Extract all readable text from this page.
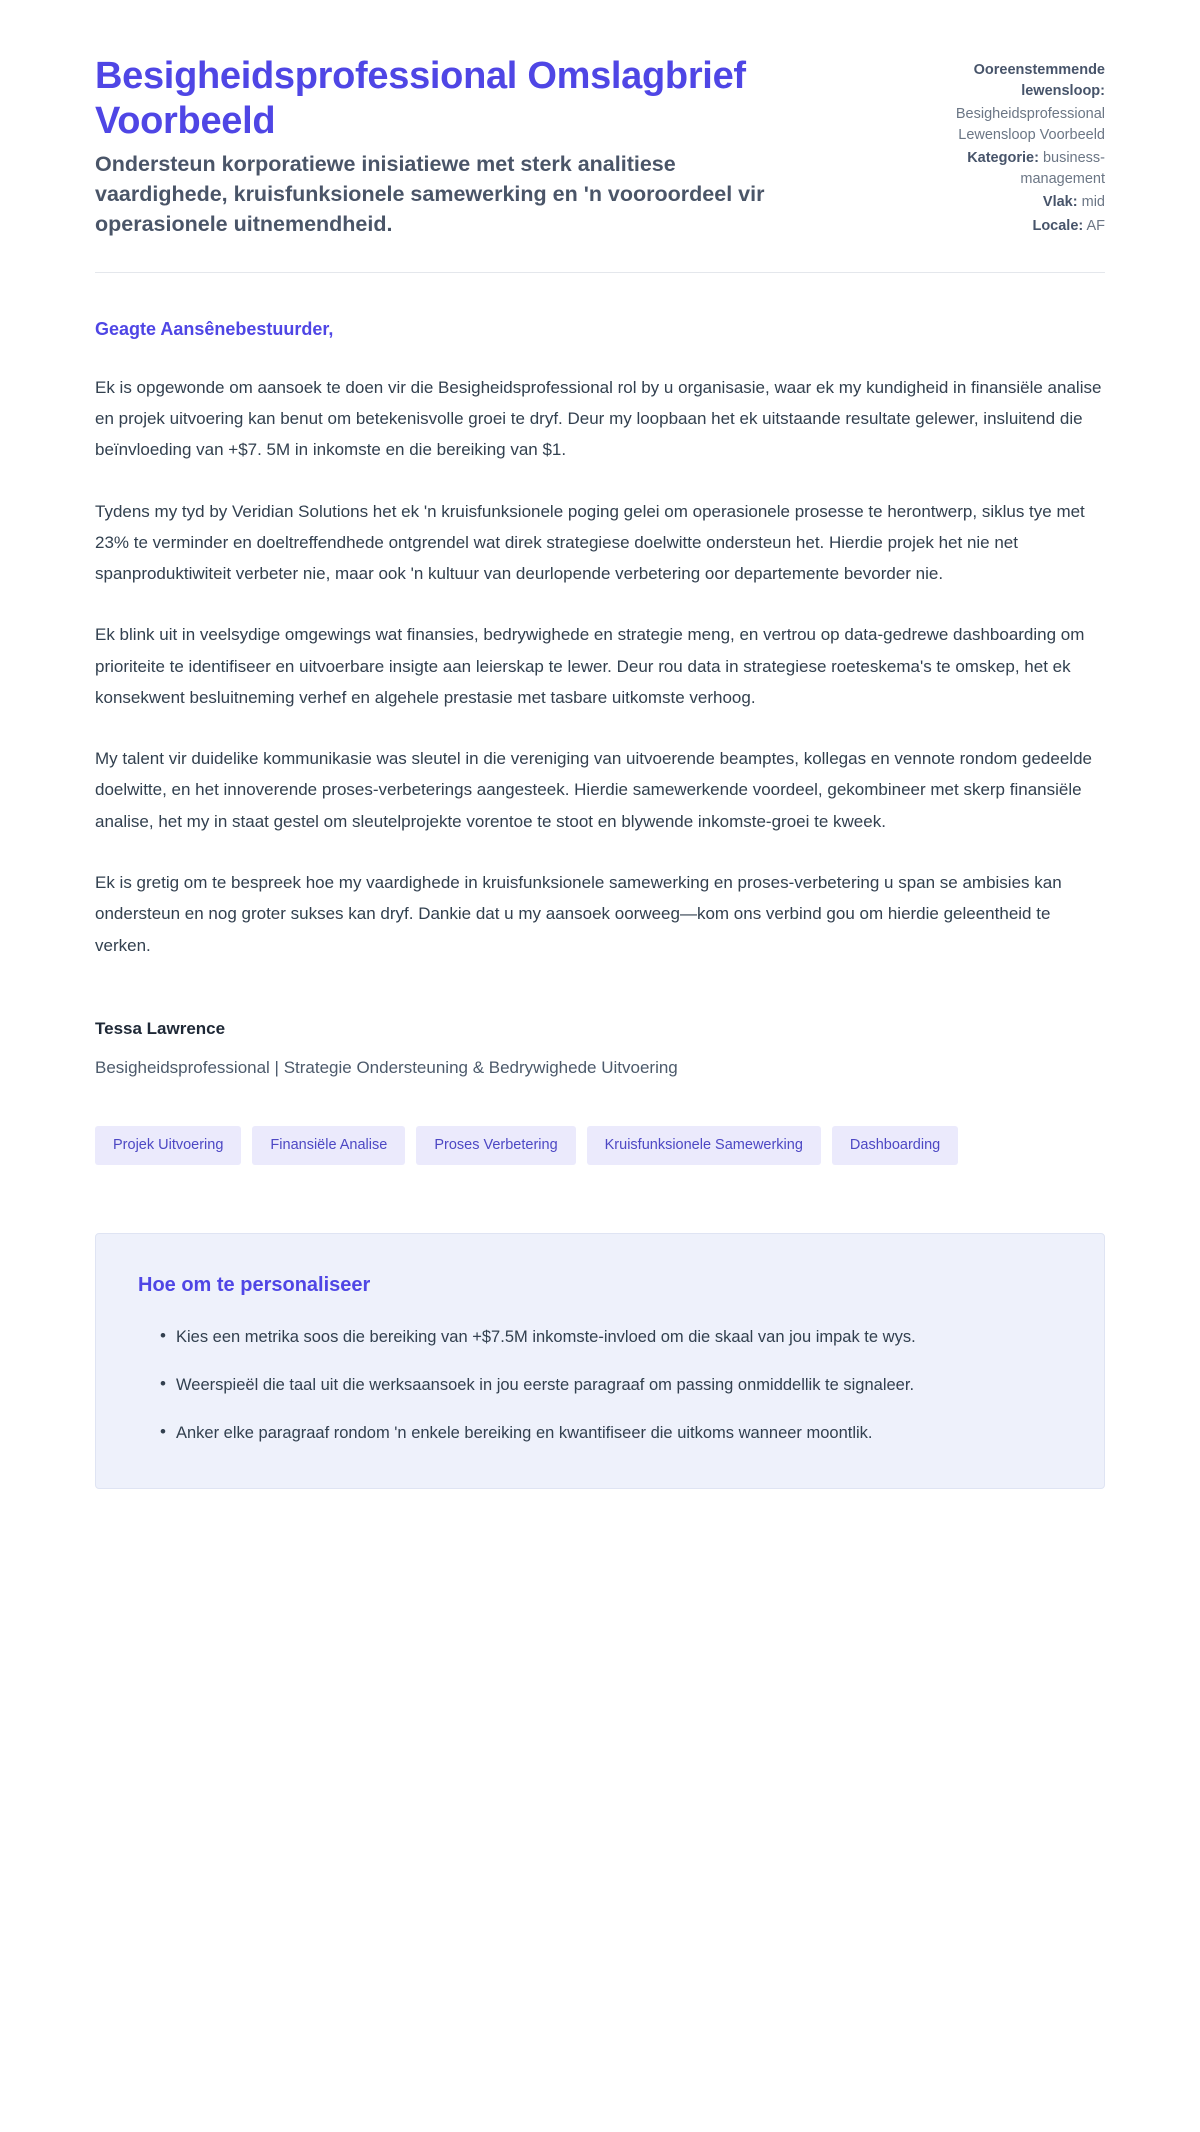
Besigheidsprofessional Omslagbrief Voorbeeld

Ondersteun korporatiewe inisiatiewe met sterk analitiese vaardighede, kruisfunksionele samewerking en 'n vooroordeel vir operasionele uitnemendheid.

Ooreenstemmende lewensloop:
Besigheidsprofessional Lewensloop Voorbeeld
Kategorie: business-management
Vlak: mid
Locale: AF

Geagte Aansênebestuurder,

Ek is opgewonde om aansoek te doen vir die Besigheidsprofessional rol by u organisasie, waar ek my kundigheid in finansiële analise en projek uitvoering kan benut om betekenisvolle groei te dryf. Deur my loopbaan het ek uitstaande resultate gelewer, insluitend die beïnvloeding van +$7. 5M in inkomste en die bereiking van $1.

Tydens my tyd by Veridian Solutions het ek 'n kruisfunksionele poging gelei om operasionele prosesse te herontwerp, siklus tye met 23% te verminder en doeltreffendhede ontgrendel wat direk strategiese doelwitte ondersteun het. Hierdie projek het nie net spanproduktiwiteit verbeter nie, maar ook 'n kultuur van deurlopende verbetering oor departemente bevorder nie.

Ek blink uit in veelsydige omgewings wat finansies, bedrywighede en strategie meng, en vertrou op data-gedrewe dashboarding om prioriteite te identifiseer en uitvoerbare insigte aan leierskap te lewer. Deur rou data in strategiese roeteskema's te omskep, het ek konsekwent besluitneming verhef en algehele prestasie met tasbare uitkomste verhoog.

My talent vir duidelike kommunikasie was sleutel in die vereniging van uitvoerende beamptes, kollegas en vennote rondom gedeelde doelwitte, en het innoverende proses-verbeterings aangesteek. Hierdie samewerkende voordeel, gekombineer met skerp finansiële analise, het my in staat gestel om sleutelprojekte vorentoe te stoot en blywende inkomste-groei te kweek.

Ek is gretig om te bespreek hoe my vaardighede in kruisfunksionele samewerking en proses-verbetering u span se ambisies kan ondersteun en nog groter sukses kan dryf. Dankie dat u my aansoek oorweeg—kom ons verbind gou om hierdie geleentheid te verken.

Tessa Lawrence

Besigheidsprofessional | Strategie Ondersteuning & Bedrywighede Uitvoering

Projek Uitvoering	Finansiële Analise	Proses Verbetering	Kruisfunksionele Samewerking	Dashboarding
Hoe om te personaliseer
• Kies een metrika soos die bereiking van +$7.5M inkomste-invloed om die skaal van jou impak te wys.
• Weerspieël die taal uit die werksaansoek in jou eerste paragraaf om passing onmiddellik te signaleer.
• Anker elke paragraaf rondom 'n enkele bereiking en kwantifiseer die uitkoms wanneer moontlik.
